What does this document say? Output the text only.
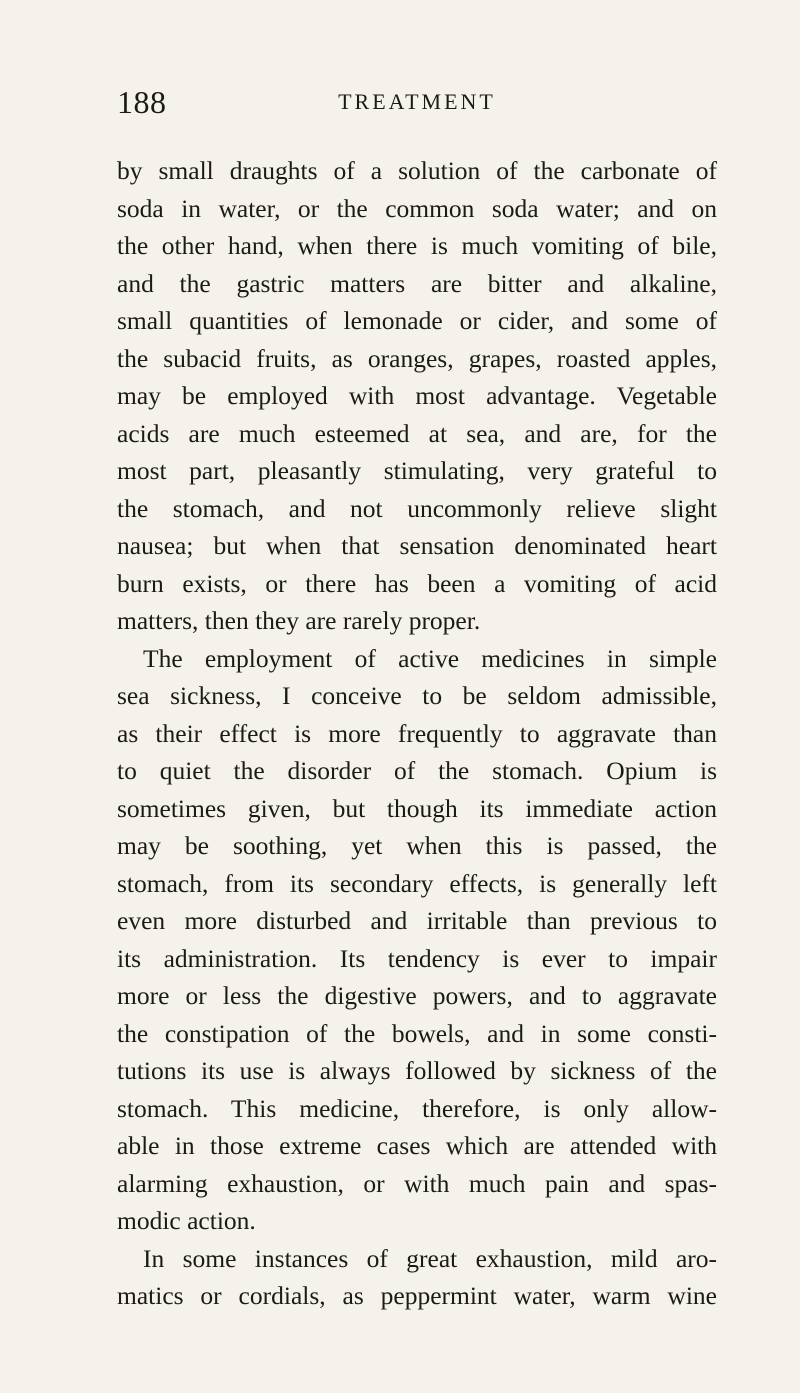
188	TREATMENT
by small draughts of a solution of the carbonate of
soda in water, or the common soda water; and on
the other hand, when there is much vomiting of bile,
and the gastric matters are bitter and alkaline,
small quantities of lemonade or cider, and some of
the subacid fruits, as oranges, grapes, roasted apples,
may be employed with most advantage. Vegetable
acids are much esteemed at sea, and are, for the
most part, pleasantly stimulating, very grateful to
the stomach, and not uncommonly relieve slight
nausea; but when that sensation denominated heart
burn exists, or there has been a vomiting of acid
matters, then they are rarely proper.
The employment of active medicines in simple
sea sickness, I conceive to be seldom admissible,
as their effect is more frequently to aggravate than
to quiet the disorder of the stomach. Opium is
sometimes given, but though its immediate action
may be soothing, yet when this is passed, the
stomach, from its secondary effects, is generally left
even more disturbed and irritable than previous to
its administration. Its tendency is ever to impair
more or less the digestive powers, and to aggravate
the constipation of the bowels, and in some consti-
tutions its use is always followed by sickness of the
stomach. This medicine, therefore, is only allow-
able in those extreme cases which are attended with
alarming exhaustion, or with much pain and spas-
modic action.
In some instances of great exhaustion, mild aro-
matics or cordials, as peppermint water, warm wine
